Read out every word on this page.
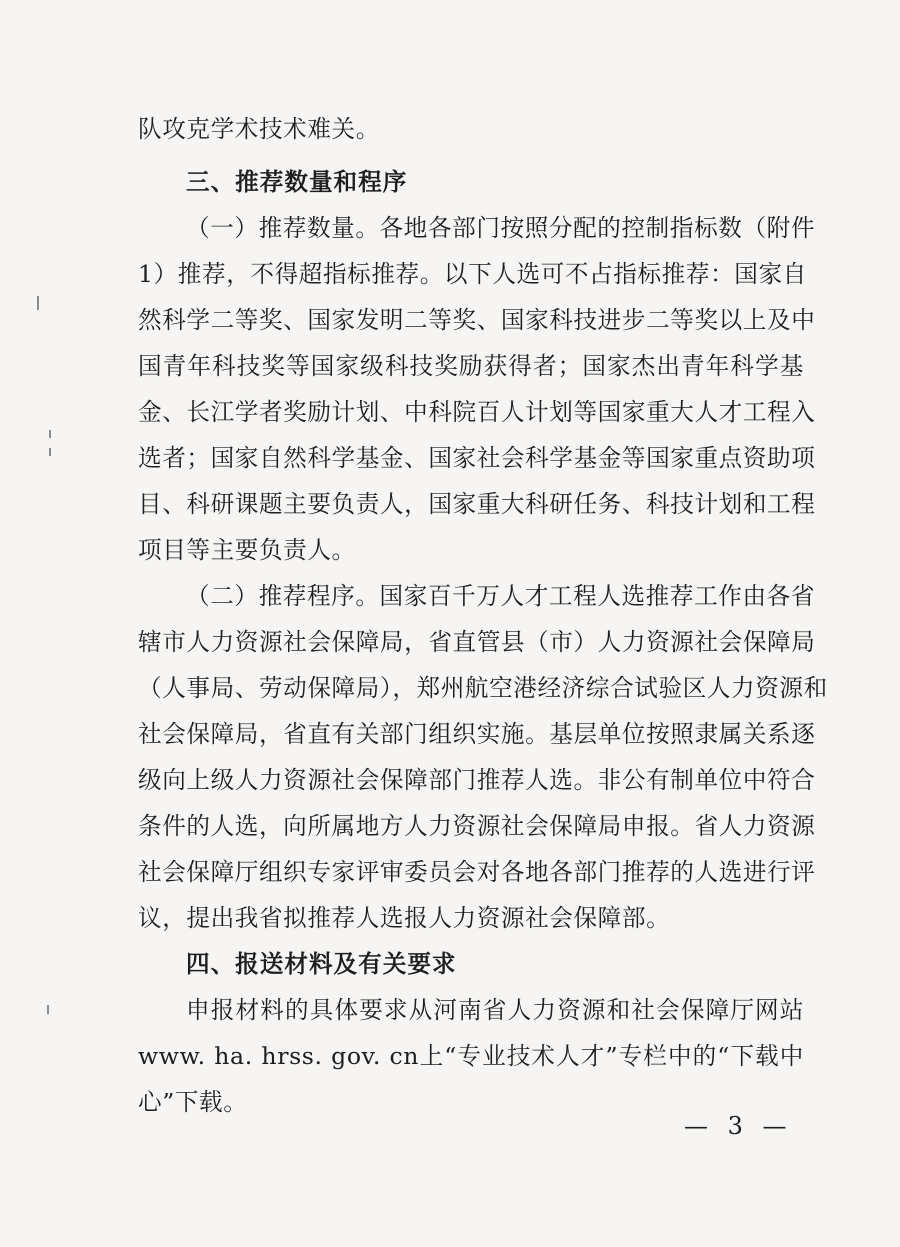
队攻克学术技术难关。
三、推荐数量和程序
（一）推荐数量。各地各部门按照分配的控制指标数（附件
1）推荐，不得超指标推荐。以下人选可不占指标推荐：国家自
然科学二等奖、国家发明二等奖、国家科技进步二等奖以上及中
国青年科技奖等国家级科技奖励获得者；国家杰出青年科学基
金、长江学者奖励计划、中科院百人计划等国家重大人才工程入
选者；国家自然科学基金、国家社会科学基金等国家重点资助项
目、科研课题主要负责人，国家重大科研任务、科技计划和工程
项目等主要负责人。
（二）推荐程序。国家百千万人才工程人选推荐工作由各省
辖市人力资源社会保障局，省直管县（市）人力资源社会保障局
（人事局、劳动保障局），郑州航空港经济综合试验区人力资源和
社会保障局，省直有关部门组织实施。基层单位按照隶属关系逐
级向上级人力资源社会保障部门推荐人选。非公有制单位中符合
条件的人选，向所属地方人力资源社会保障局申报。省人力资源
社会保障厅组织专家评审委员会对各地各部门推荐的人选进行评
议，提出我省拟推荐人选报人力资源社会保障部。
四、报送材料及有关要求
申报材料的具体要求从河南省人力资源和社会保障厅网站
www. ha. hrss. gov. cn上“专业技术人才”专栏中的“下载中
心”下载。
— 3 —
